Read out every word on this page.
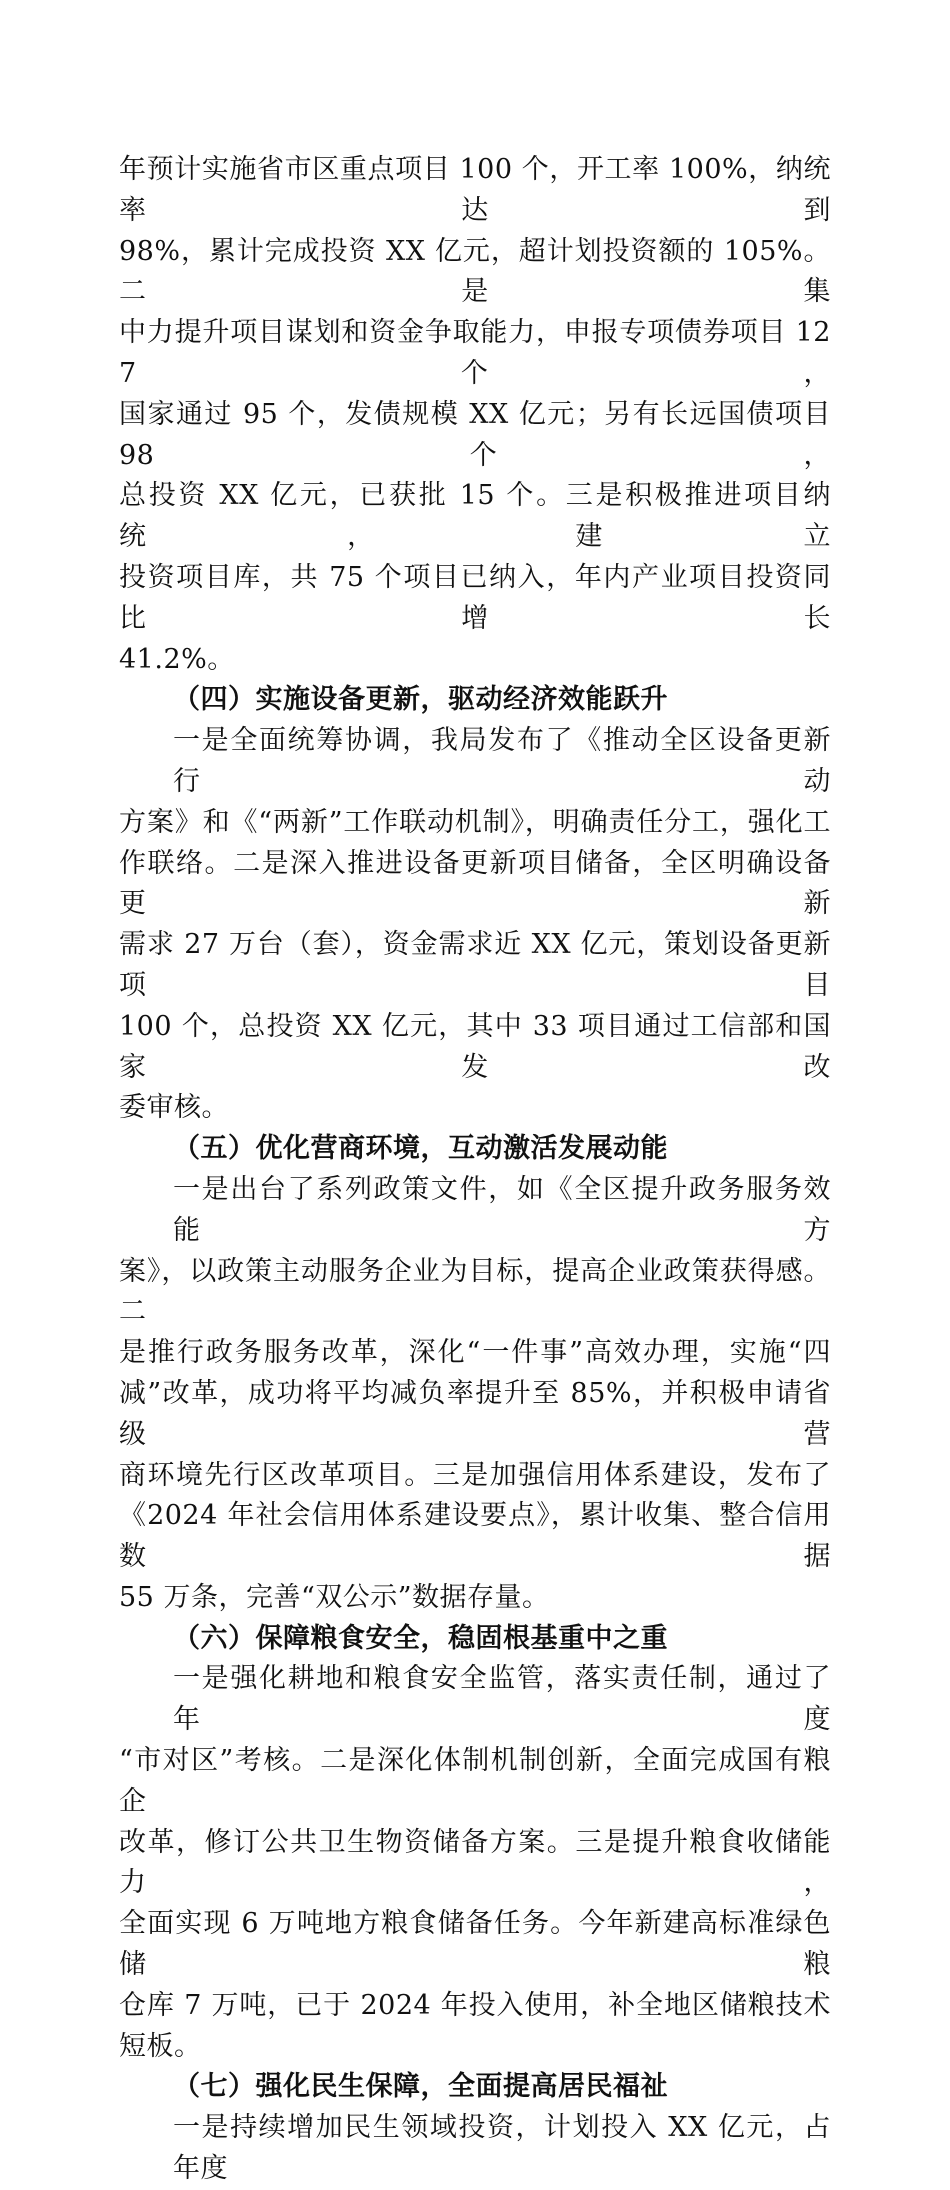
年预计实施省市区重点项目 100 个，开工率 100%，纳统率达到
98%，累计完成投资 XX 亿元，超计划投资额的 105%。二是集
中力提升项目谋划和资金争取能力，申报专项债券项目 127 个，
国家通过 95 个，发债规模 XX 亿元；另有长远国债项目 98 个，
总投资 XX 亿元，已获批 15 个。三是积极推进项目纳统，建立
投资项目库，共 75 个项目已纳入，年内产业项目投资同比增长
41.2%。
（四）实施设备更新，驱动经济效能跃升
一是全面统筹协调，我局发布了《推动全区设备更新行动
方案》和《“两新”工作联动机制》，明确责任分工，强化工
作联络。二是深入推进设备更新项目储备，全区明确设备更新
需求 27 万台（套），资金需求近 XX 亿元，策划设备更新项目
100 个，总投资 XX 亿元，其中 33 项目通过工信部和国家发改
委审核。
（五）优化营商环境，互动激活发展动能
一是出台了系列政策文件，如《全区提升政务服务效能方
案》，以政策主动服务企业为目标，提高企业政策获得感。二
是推行政务服务改革，深化“一件事”高效办理，实施“四
减”改革，成功将平均减负率提升至 85%，并积极申请省级营
商环境先行区改革项目。三是加强信用体系建设，发布了
《2024 年社会信用体系建设要点》，累计收集、整合信用数据
55 万条，完善“双公示”数据存量。
（六）保障粮食安全，稳固根基重中之重
一是强化耕地和粮食安全监管，落实责任制，通过了年度
“市对区”考核。二是深化体制机制创新，全面完成国有粮企
改革，修订公共卫生物资储备方案。三是提升粮食收储能力，
全面实现 6 万吨地方粮食储备任务。今年新建高标准绿色储粮
仓库 7 万吨，已于 2024 年投入使用，补全地区储粮技术短板。
（七）强化民生保障，全面提高居民福祉
一是持续增加民生领域投资，计划投入 XX 亿元，占年度
